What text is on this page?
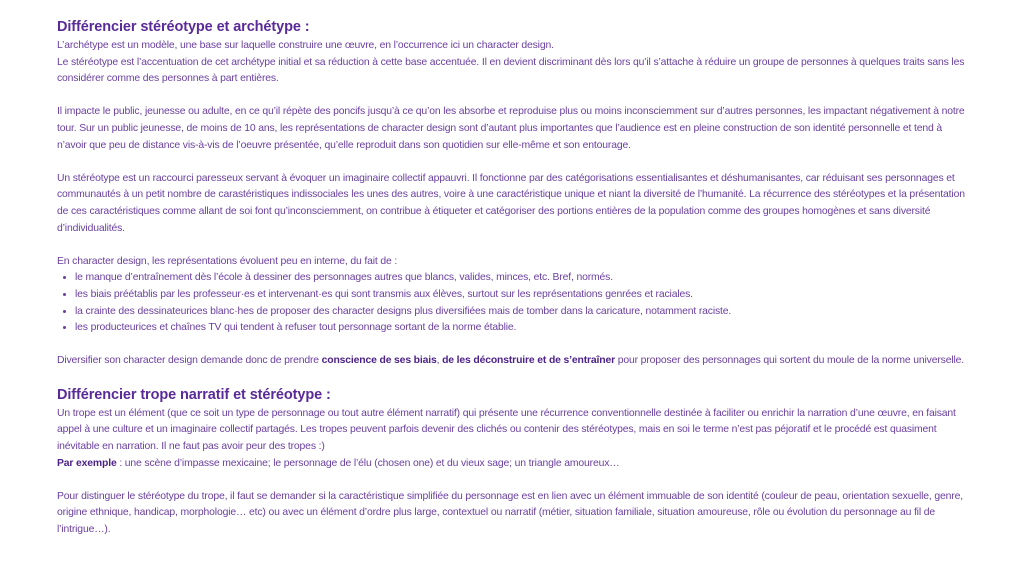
Différencier stéréotype et archétype :

L’archétype est un modèle, une base sur laquelle construire une œuvre, en l’occurrence ici un character design.
Le stéréotype est l’accentuation de cet archétype initial et sa réduction à cette base accentuée. Il en devient discriminant dès lors qu’il s’attache à réduire un groupe de personnes à quelques traits sans les considérer comme des personnes à part entières.

Il impacte le public, jeunesse ou adulte, en ce qu’il répète des poncifs jusqu’à ce qu’on les absorbe et reproduise plus ou moins inconsciemment sur d’autres personnes, les impactant négativement à notre tour. Sur un public jeunesse, de moins de 10 ans, les représentations de character design sont d’autant plus importantes que l’audience est en pleine construction de son identité personnelle et tend à n’avoir que peu de distance vis-à-vis de l’oeuvre présentée, qu’elle reproduit dans son quotidien sur elle-même et son entourage.

Un stéréotype est un raccourci paresseux servant à évoquer un imaginaire collectif appauvri. Il fonctionne par des catégorisations essentialisantes et déshumanisantes, car réduisant ses personnages et communautés à un petit nombre de carastéristiques indissociales les unes des autres, voire à une caractéristique unique et niant la diversité de l’humanité. La récurrence des stéréotypes et la présentation de ces caractéristiques comme allant de soi font qu’inconsciemment, on contribue à étiqueter et catégoriser des portions entières de la population comme des groupes homogènes et sans diversité d’individualités.

En character design, les représentations évoluent peu en interne, du fait de :

• le manque d’entraînement dès l’école à dessiner des personnages autres que blancs, valides, minces, etc. Bref, normés.
• les biais préétablis par les professeur·es et intervenant·es qui sont transmis aux élèves, surtout sur les représentations genrées et raciales.
• la crainte des dessinateurices blanc·hes de proposer des character designs plus diversifiées mais de tomber dans la caricature, notamment raciste.
• les producteurices et chaînes TV qui tendent à refuser tout personnage sortant de la norme établie.

Diversifier son character design demande donc de prendre conscience de ses biais, de les déconstruire et de s’entraîner pour proposer des personnages qui sortent du moule de la norme universelle.

Différencier trope narratif et stéréotype :

Un trope est un élément (que ce soit un type de personnage ou tout autre élément narratif) qui présente une récurrence conventionnelle destinée à faciliter ou enrichir la narration d’une œuvre, en faisant appel à une culture et un imaginaire collectif partagés. Les tropes peuvent parfois devenir des clichés ou contenir des stéréotypes, mais en soi le terme n’est pas péjoratif et le procédé est quasiment inévitable en narration. Il ne faut pas avoir peur des tropes :)
Par exemple : une scène d’impasse mexicaine; le personnage de l’élu (chosen one) et du vieux sage; un triangle amoureux…

Pour distinguer le stéréotype du trope, il faut se demander si la caractéristique simplifiée du personnage est en lien avec un élément immuable de son identité (couleur de peau, orientation sexuelle, genre, origine ethnique, handicap, morphologie… etc) ou avec un élément d’ordre plus large, contextuel ou narratif (métier, situation familiale, situation amoureuse, rôle ou évolution du personnage au fil de l’intrigue…).
